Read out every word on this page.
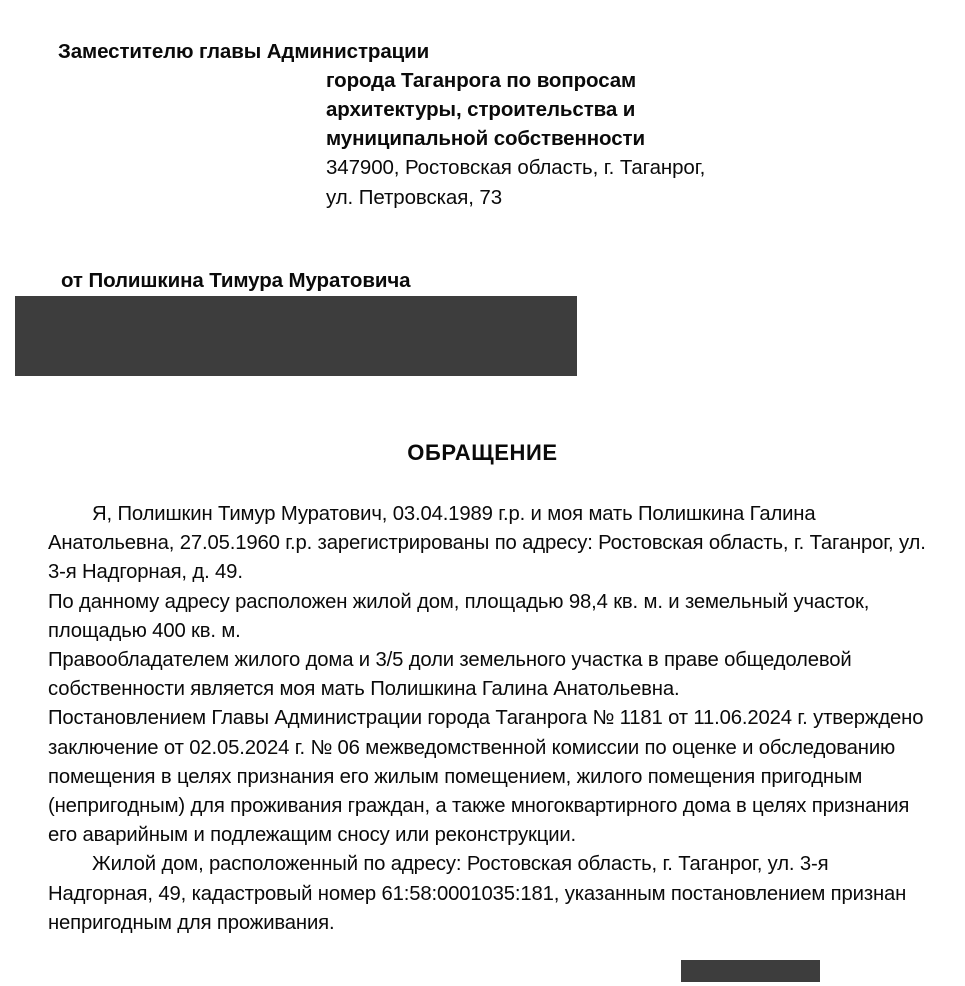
Заместителю главы Администрации
города Таганрога по вопросам
архитектуры, строительства и
муниципальной собственности
347900, Ростовская область, г. Таганрог,
ул. Петровская, 73
от Полишкина Тимура Муратовича
ОБРАЩЕНИЕ

Я, Полишкин Тимур Муратович, 03.04.1989 г.р. и моя мать Полишкина Галина Анатольевна, 27.05.1960 г.р. зарегистрированы по адресу: Ростовская область, г. Таганрог, ул. 3-я Надгорная, д. 49.

По данному адресу расположен жилой дом, площадью 98,4 кв. м. и земельный участок, площадью 400 кв. м.

Правообладателем жилого дома и 3/5 доли земельного участка в праве общедолевой собственности является моя мать Полишкина Галина Анатольевна.

Постановлением Главы Администрации города Таганрога № 1181 от 11.06.2024 г. утверждено заключение от 02.05.2024 г. № 06 межведомственной комиссии по оценке и обследованию помещения в целях признания его жилым помещением, жилого помещения пригодным (непригодным) для проживания граждан, а также многоквартирного дома в целях признания его аварийным и подлежащим сносу или реконструкции.

Жилой дом, расположенный по адресу: Ростовская область, г. Таганрог, ул. 3-я Надгорная, 49, кадастровый номер 61:58:0001035:181, указанным постановлением признан непригодным для проживания.
